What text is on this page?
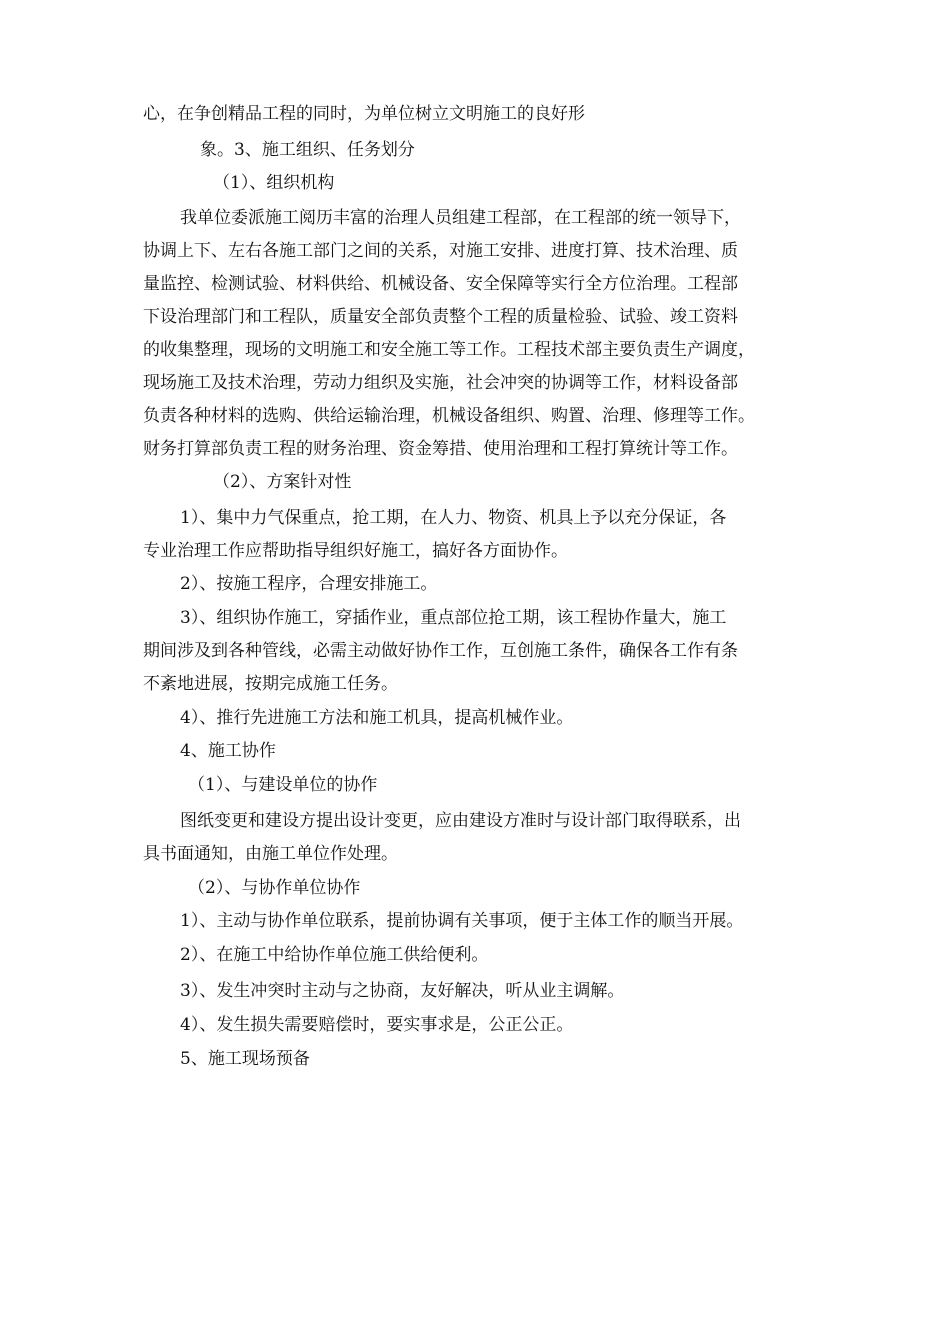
心，在争创精品工程的同时，为单位树立文明施工的良好形
象。3、施工组织、任务划分
（1）、组织机构
我单位委派施工阅历丰富的治理人员组建工程部，在工程部的统一领导下，
协调上下、左右各施工部门之间的关系，对施工安排、进度打算、技术治理、质
量监控、检测试验、材料供给、机械设备、安全保障等实行全方位治理。工程部
下设治理部门和工程队，质量安全部负责整个工程的质量检验、试验、竣工资料
的收集整理，现场的文明施工和安全施工等工作。工程技术部主要负责生产调度，
现场施工及技术治理，劳动力组织及实施，社会冲突的协调等工作，材料设备部
负责各种材料的选购、供给运输治理，机械设备组织、购置、治理、修理等工作。
财务打算部负责工程的财务治理、资金筹措、使用治理和工程打算统计等工作。
（2）、方案针对性
1）、集中力气保重点，抢工期，在人力、物资、机具上予以充分保证，各
专业治理工作应帮助指导组织好施工，搞好各方面协作。
2）、按施工程序，合理安排施工。
3）、组织协作施工，穿插作业，重点部位抢工期，该工程协作量大，施工
期间涉及到各种管线，必需主动做好协作工作，互创施工条件，确保各工作有条
不紊地进展，按期完成施工任务。
4）、推行先进施工方法和施工机具，提高机械作业。
4、施工协作
（1）、与建设单位的协作
图纸变更和建设方提出设计变更，应由建设方准时与设计部门取得联系，出
具书面通知，由施工单位作处理。
（2）、与协作单位协作
1）、主动与协作单位联系，提前协调有关事项，便于主体工作的顺当开展。
2）、在施工中给协作单位施工供给便利。
3）、发生冲突时主动与之协商，友好解决，听从业主调解。
4）、发生损失需要赔偿时，要实事求是，公正公正。
5、施工现场预备
